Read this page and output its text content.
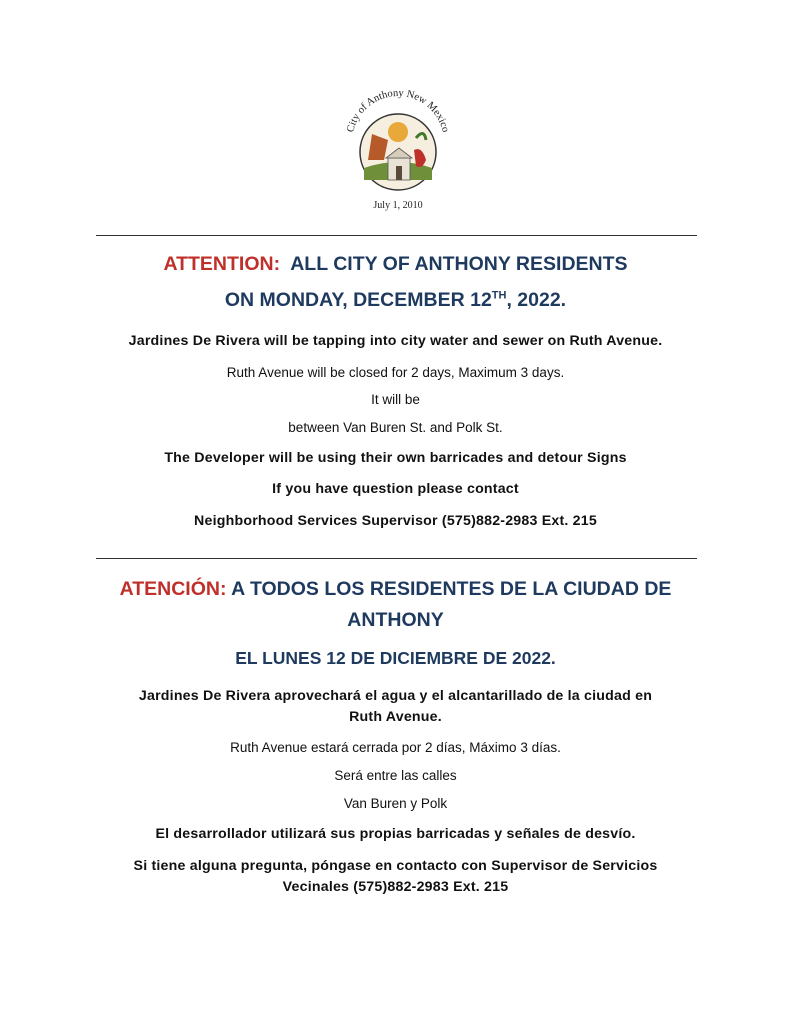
City of Anthony New Mexico
July 1, 2010
ATTENTION: ALL CITY OF ANTHONY RESIDENTS
ON MONDAY, DECEMBER 12TH, 2022.
Jardines De Rivera will be tapping into city water and sewer on Ruth Avenue.
Ruth Avenue will be closed for 2 days, Maximum 3 days.
It will be
between Van Buren St. and Polk St.
The Developer will be using their own barricades and detour Signs
If you have question please contact
Neighborhood Services Supervisor (575)882-2983 Ext. 215
ATENCIÓN: A TODOS LOS RESIDENTES DE LA CIUDAD DE
ANTHONY
EL LUNES 12 DE DICIEMBRE DE 2022.
Jardines De Rivera aprovechará el agua y el alcantarillado de la ciudad en
Ruth Avenue.
Ruth Avenue estará cerrada por 2 días, Máximo 3 días.
Será entre las calles
Van Buren y Polk
El desarrollador utilizará sus propias barricadas y señales de desvío.
Si tiene alguna pregunta, póngase en contacto con Supervisor de Servicios
Vecinales (575)882-2983 Ext. 215
